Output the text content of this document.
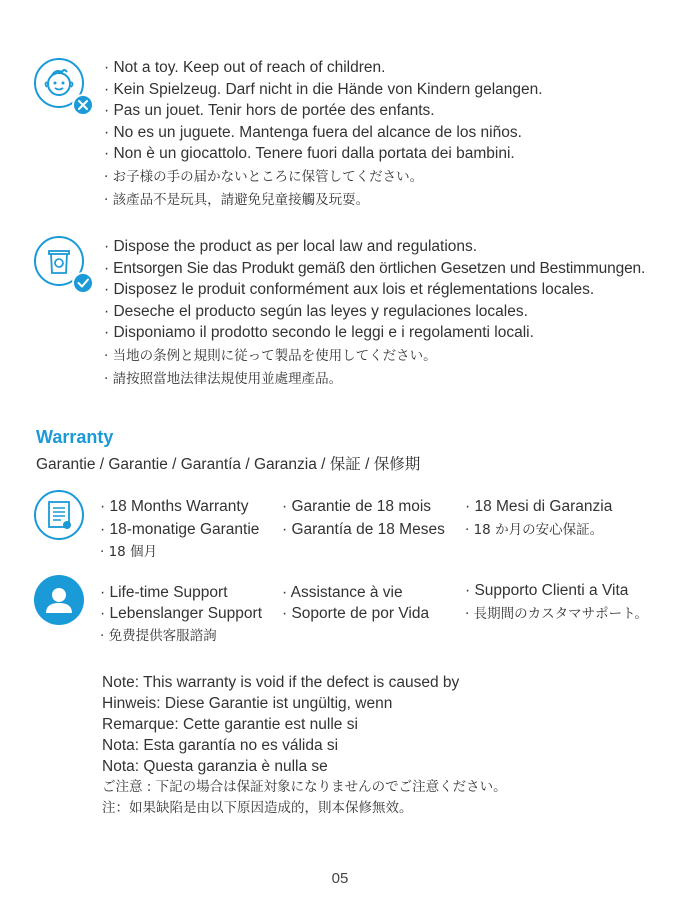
· Not a toy. Keep out of reach of children.
· Kein Spielzeug. Darf nicht in die Hände von Kindern gelangen.
· Pas un jouet. Tenir hors de portée des enfants.
· No es un juguete. Mantenga fuera del alcance de los niños.
· Non è un giocattolo. Tenere fuori dalla portata dei bambini.
· お子様の手の届かないところに保管してください。
· 該產品不是玩具，請避免兒童接觸及玩耍。
· Dispose the product as per local law and regulations.
· Entsorgen Sie das Produkt gemäß den örtlichen Gesetzen und Bestimmungen.
· Disposez le produit conformément aux lois et réglementations locales.
· Deseche el producto según las leyes y regulaciones locales.
· Disponiamo il prodotto secondo le leggi e i regolamenti locali.
· 当地の条例と規則に従って製品を使用してください。
· 請按照當地法律法規使用並處理產品。
Warranty
Garantie / Garantie / Garantía / Garanzia / 保証 / 保修期
· 18 Months Warranty
· 18-monatige Garantie
· 18 個月
· Garantie de 18 mois
· Garantía de 18 Meses
· 18 Mesi di Garanzia
· 18 か月の安心保証。
· Life-time Support
· Lebenslanger Support
· 免费提供客服諮詢
· Assistance à vie
· Soporte de por Vida
· Supporto Clienti a Vita
· 長期間のカスタマサポート。
Note: This warranty is void if the defect is caused by
Hinweis: Diese Garantie ist ungültig, wenn
Remarque: Cette garantie est nulle si
Nota: Esta garantía no es válida si
Nota: Questa garanzia è nulla se
ご注意 : 下記の場合は保証対象になりませんのでご注意ください。
注：如果缺陷是由以下原因造成的，則本保修無效。
05
